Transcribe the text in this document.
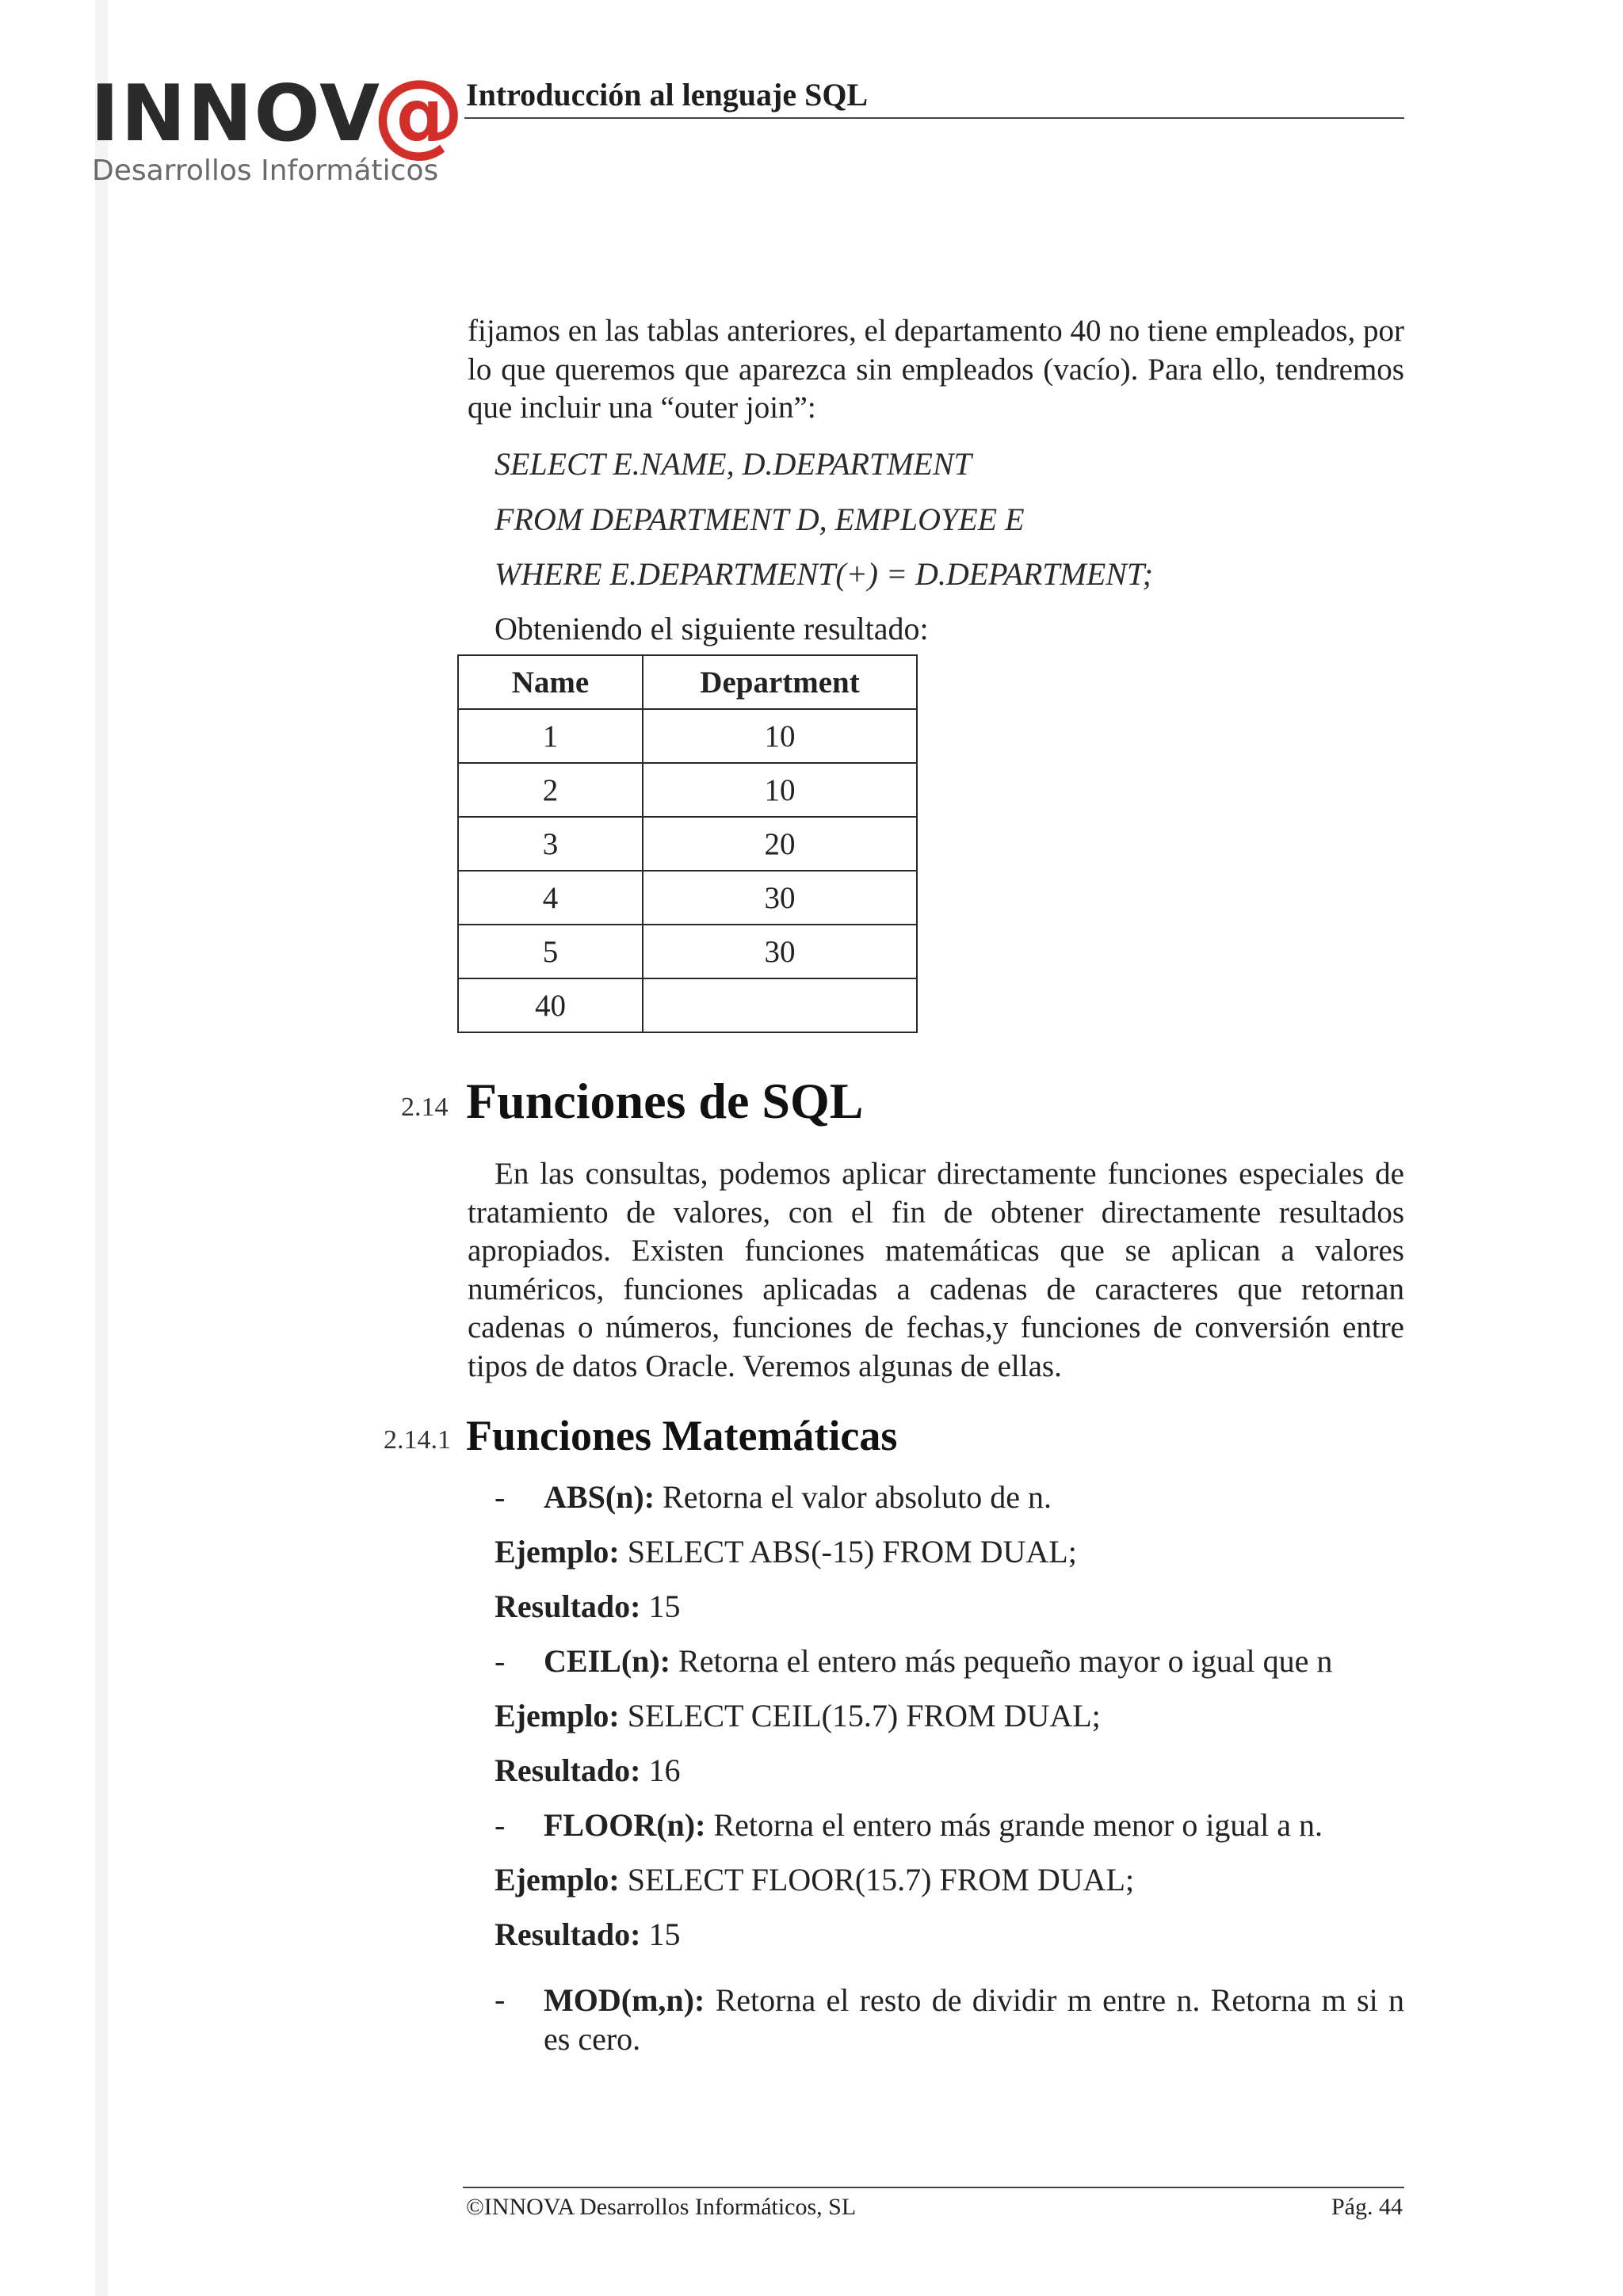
INNOV
@
Desarrollos Informáticos
Introducción al lenguaje SQL

fijamos en las tablas anteriores, el departamento 40 no tiene empleados, por lo que queremos que aparezca sin empleados (vacío). Para ello, tendremos que incluir una “outer join”:

SELECT E.NAME, D.DEPARTMENT
FROM DEPARTMENT D, EMPLOYEE E
WHERE E.DEPARTMENT(+) = D.DEPARTMENT;
Obteniendo el siguiente resultado:
Name	Department
1	10
2	10
3	20
4	30
5	30
40	
2.14 Funciones de SQL

En las consultas, podemos aplicar directamente funciones especiales de tratamiento de valores, con el fin de obtener directamente resultados apropiados. Existen funciones matemáticas que se aplican a valores numéricos, funciones aplicadas a cadenas de caracteres que retornan cadenas o números, funciones de fechas,y funciones de conversión entre tipos de datos Oracle. Veremos algunas de ellas.

2.14.1 Funciones Matemáticas
- ABS(n): Retorna el valor absoluto de n.
Ejemplo: SELECT ABS(-15) FROM DUAL;
Resultado: 15
- CEIL(n): Retorna el entero más pequeño mayor o igual que n
Ejemplo: SELECT CEIL(15.7) FROM DUAL;
Resultado: 16
- FLOOR(n): Retorna el entero más grande menor o igual a n.
Ejemplo: SELECT FLOOR(15.7) FROM DUAL;
Resultado: 15
- MOD(m,n): Retorna el resto de dividir m entre n. Retorna m si n es cero.

©INNOVA Desarrollos Informáticos, SL	Pág. 44
